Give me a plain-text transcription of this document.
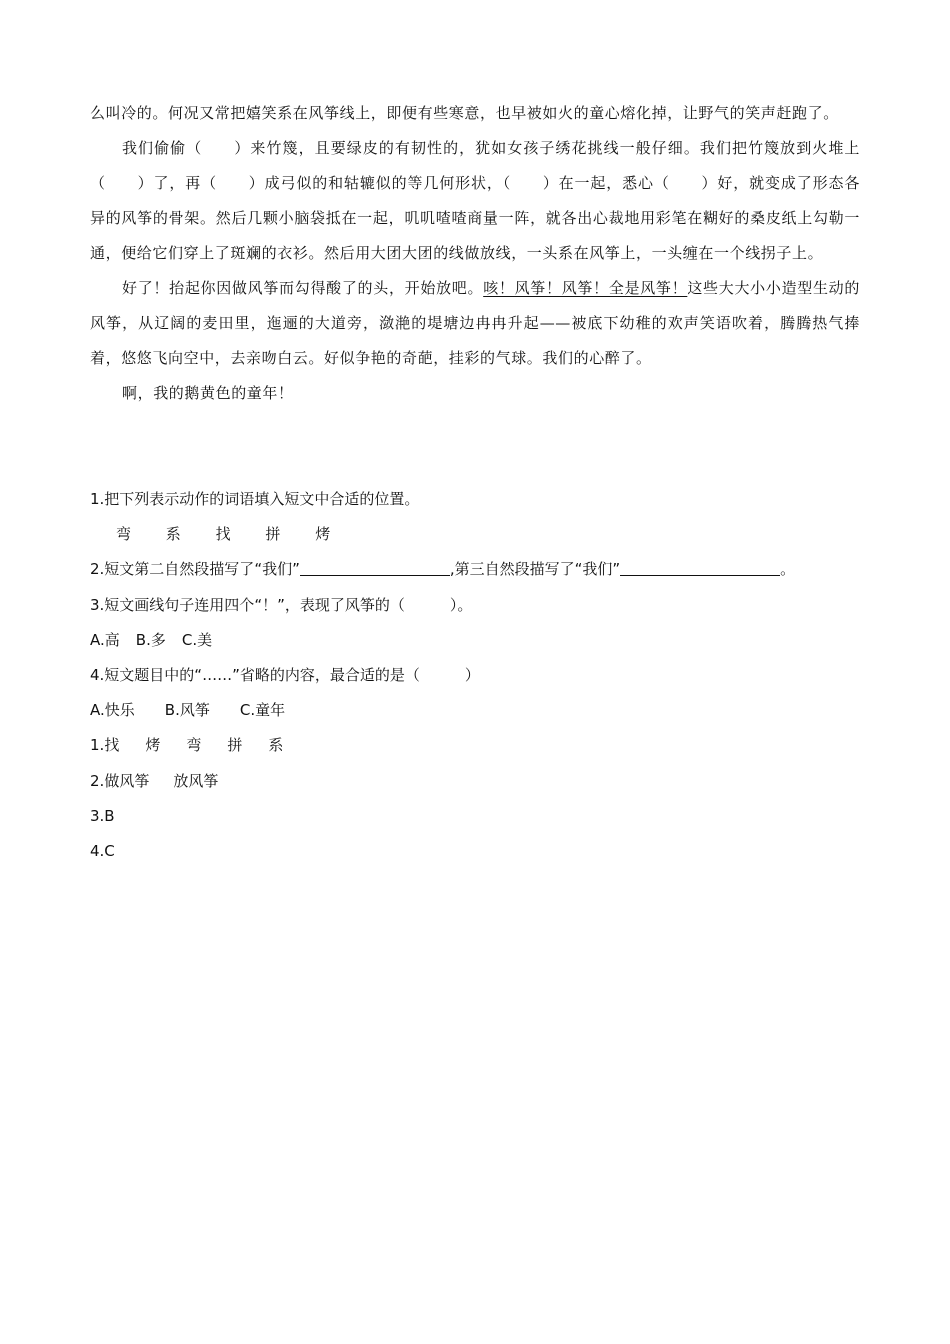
么叫冷的。何况又常把嬉笑系在风筝线上，即便有些寒意，也早被如火的童心熔化掉，让野气的笑声赶跑了。

我们偷偷（　　）来竹篾，且要绿皮的有韧性的，犹如女孩子绣花挑线一般仔细。我们把竹篾放到火堆上（　　）了，再（　　）成弓似的和轱辘似的等几何形状，（　　）在一起，悉心（　　）好，就变成了形态各异的风筝的骨架。然后几颗小脑袋抵在一起，叽叽喳喳商量一阵，就各出心裁地用彩笔在糊好的桑皮纸上勾勒一通，便给它们穿上了斑斓的衣衫。然后用大团大团的线做放线，一头系在风筝上，一头缠在一个线拐子上。

好了！抬起你因做风筝而勾得酸了的头，开始放吧。咳！风筝！风筝！全是风筝！这些大大小小造型生动的风筝，从辽阔的麦田里，迤逦的大道旁，潋滟的堤塘边冉冉升起——被底下幼稚的欢声笑语吹着，腾腾热气捧着，悠悠飞向空中，去亲吻白云。好似争艳的奇葩，挂彩的气球。我们的心醉了。

啊，我的鹅黄色的童年！

1.把下列表示动作的词语填入短文中合适的位置。
弯 系 找 拼 烤
2.短文第二自然段描写了“我们”	,第三自然段描写了“我们”	。
3.短文画线句子连用四个“！”，表现了风筝的（　　　）。
A.高 B.多 C.美
4.短文题目中的“……”省略的内容，最合适的是（　　　）
A.快乐 B.风筝 C.童年
1.找 烤 弯 拼 系
2.做风筝 放风筝
3.B
4.C
